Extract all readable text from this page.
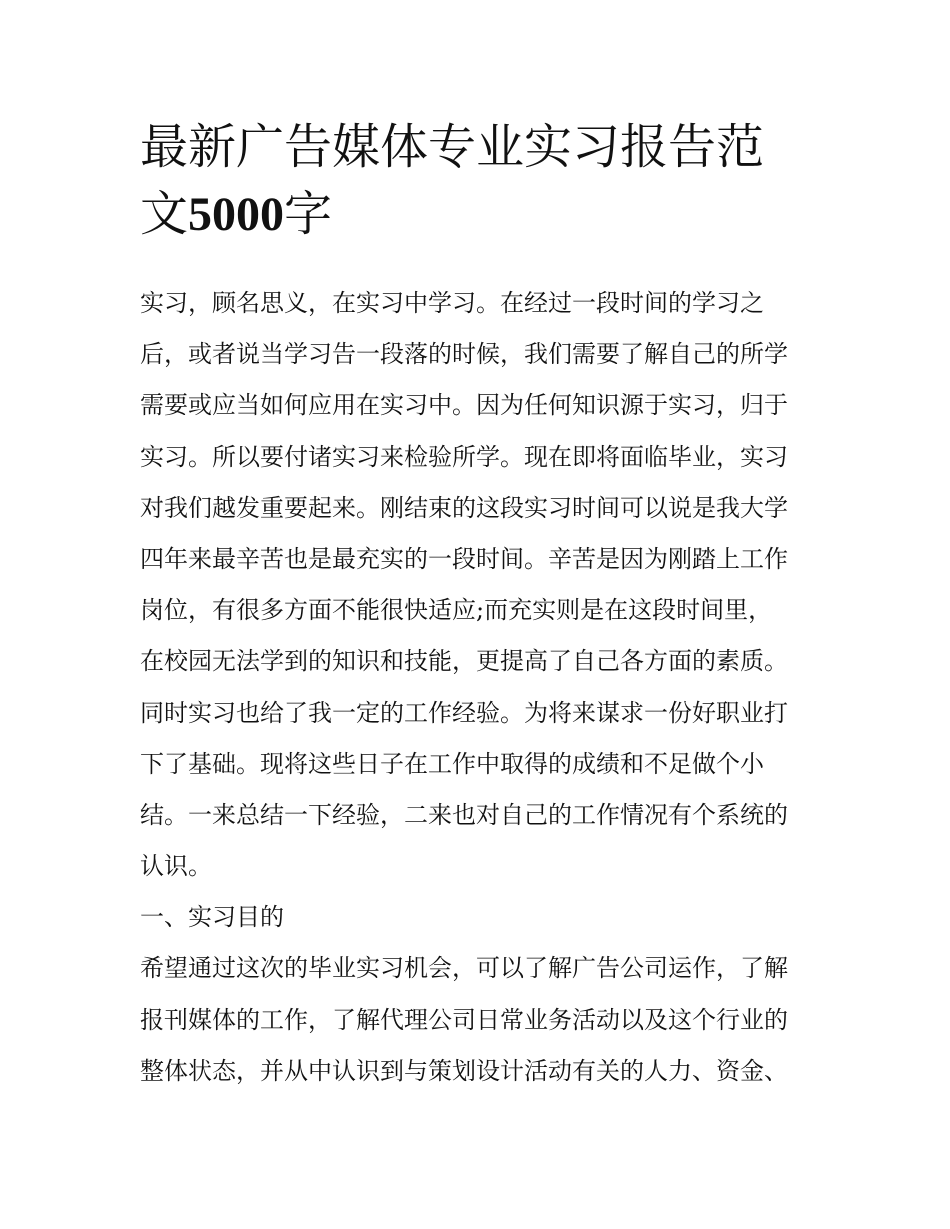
最新广告媒体专业实习报告范
文5000字
实习，顾名思义，在实习中学习。在经过一段时间的学习之
后，或者说当学习告一段落的时候，我们需要了解自己的所学
需要或应当如何应用在实习中。因为任何知识源于实习，归于
实习。所以要付诸实习来检验所学。现在即将面临毕业，实习
对我们越发重要起来。刚结束的这段实习时间可以说是我大学
四年来最辛苦也是最充实的一段时间。辛苦是因为刚踏上工作
岗位，有很多方面不能很快适应;而充实则是在这段时间里，
在校园无法学到的知识和技能，更提高了自己各方面的素质。
同时实习也给了我一定的工作经验。为将来谋求一份好职业打
下了基础。现将这些日子在工作中取得的成绩和不足做个小
结。一来总结一下经验，二来也对自己的工作情况有个系统的
认识。
一、实习目的
希望通过这次的毕业实习机会，可以了解广告公司运作，了解
报刊媒体的工作，了解代理公司日常业务活动以及这个行业的
整体状态，并从中认识到与策划设计活动有关的人力、资金、
